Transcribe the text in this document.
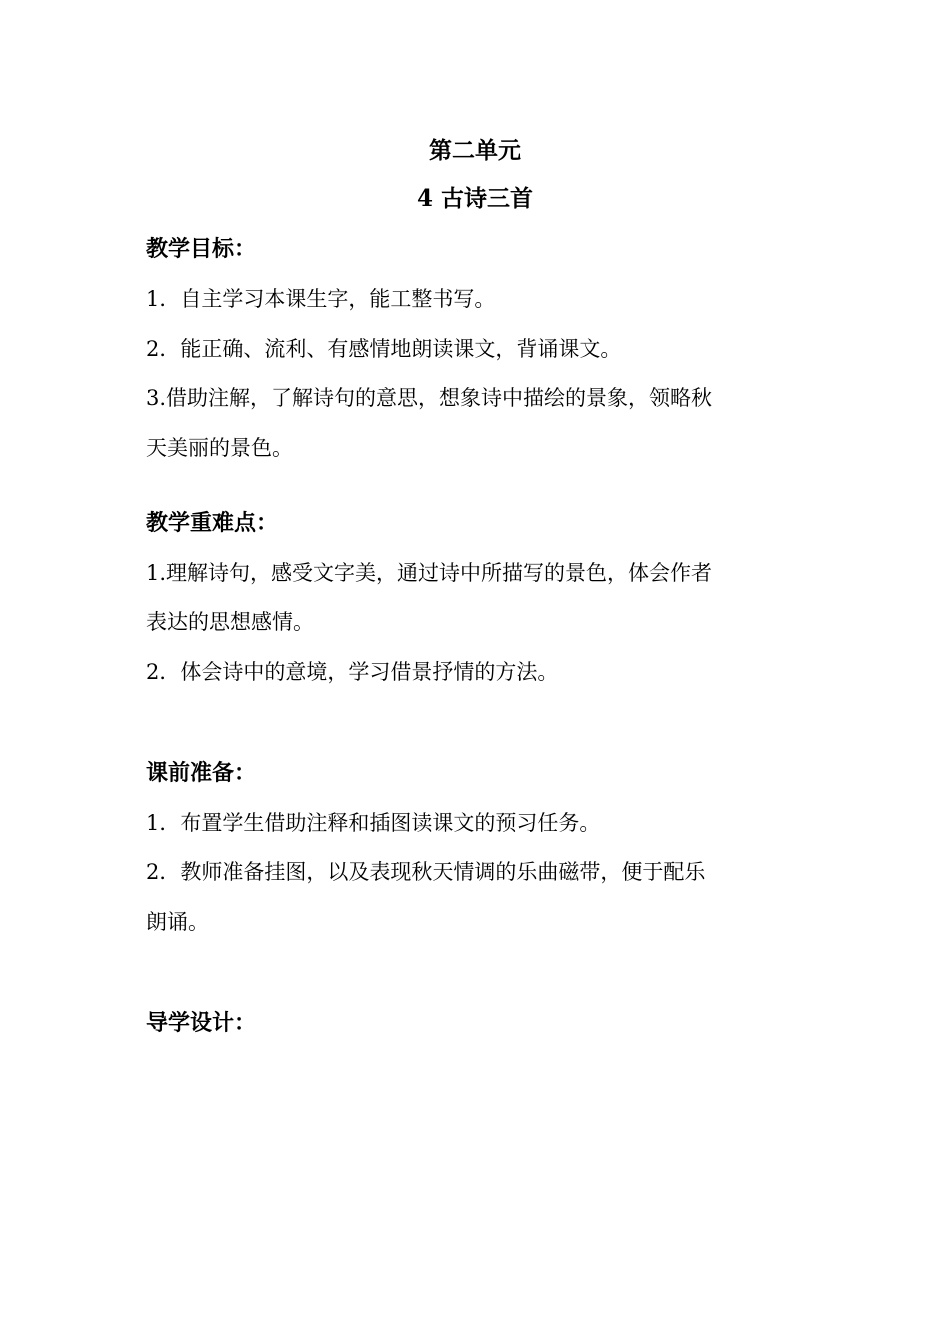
第二单元
4 古诗三首
教学目标：
1．自主学习本课生字，能工整书写。
2．能正确、流利、有感情地朗读课文，背诵课文。
3.借助注解，了解诗句的意思，想象诗中描绘的景象，领略秋
天美丽的景色。
教学重难点：
1.理解诗句，感受文字美，通过诗中所描写的景色，体会作者
表达的思想感情。
2．体会诗中的意境，学习借景抒情的方法。
课前准备：
1．布置学生借助注释和插图读课文的预习任务。
2．教师准备挂图，以及表现秋天情调的乐曲磁带，便于配乐
朗诵。
导学设计：
